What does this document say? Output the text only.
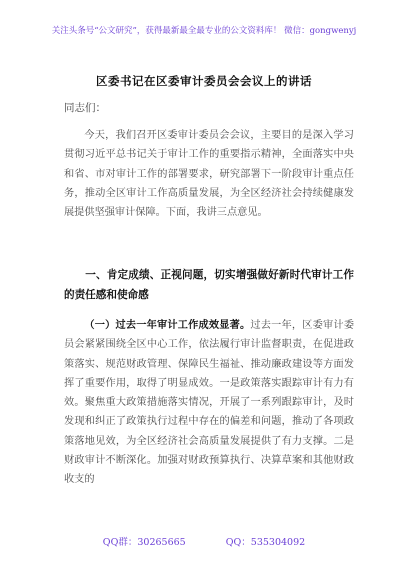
关注头条号“公文研究”，获得最新最全最专业的公文资料库！ 微信：gongwenyj
区委书记在区委审计委员会会议上的讲话
同志们：
今天，我们召开区委审计委员会会议，主要目的是深入学习贯彻习近平总书记关于审计工作的重要指示精神，全面落实中央和省、市对审计工作的部署要求，研究部署下一阶段审计重点任务，推动全区审计工作高质量发展，为全区经济社会持续健康发展提供坚强审计保障。下面，我讲三点意见。
一、肯定成绩、正视问题，切实增强做好新时代审计工作的责任感和使命感
（一）过去一年审计工作成效显著。过去一年，区委审计委员会紧紧围绕全区中心工作，依法履行审计监督职责，在促进政策落实、规范财政管理、保障民生福祉、推动廉政建设等方面发挥了重要作用，取得了明显成效。一是政策落实跟踪审计有力有效。聚焦重大政策措施落实情况，开展了一系列跟踪审计，及时发现和纠正了政策执行过程中存在的偏差和问题，推动了各项政策落地见效，为全区经济社会高质量发展提供了有力支撑。二是财政审计不断深化。加强对财政预算执行、决算草案和其他财政收支的
QQ群：30265665	QQ：535304092
